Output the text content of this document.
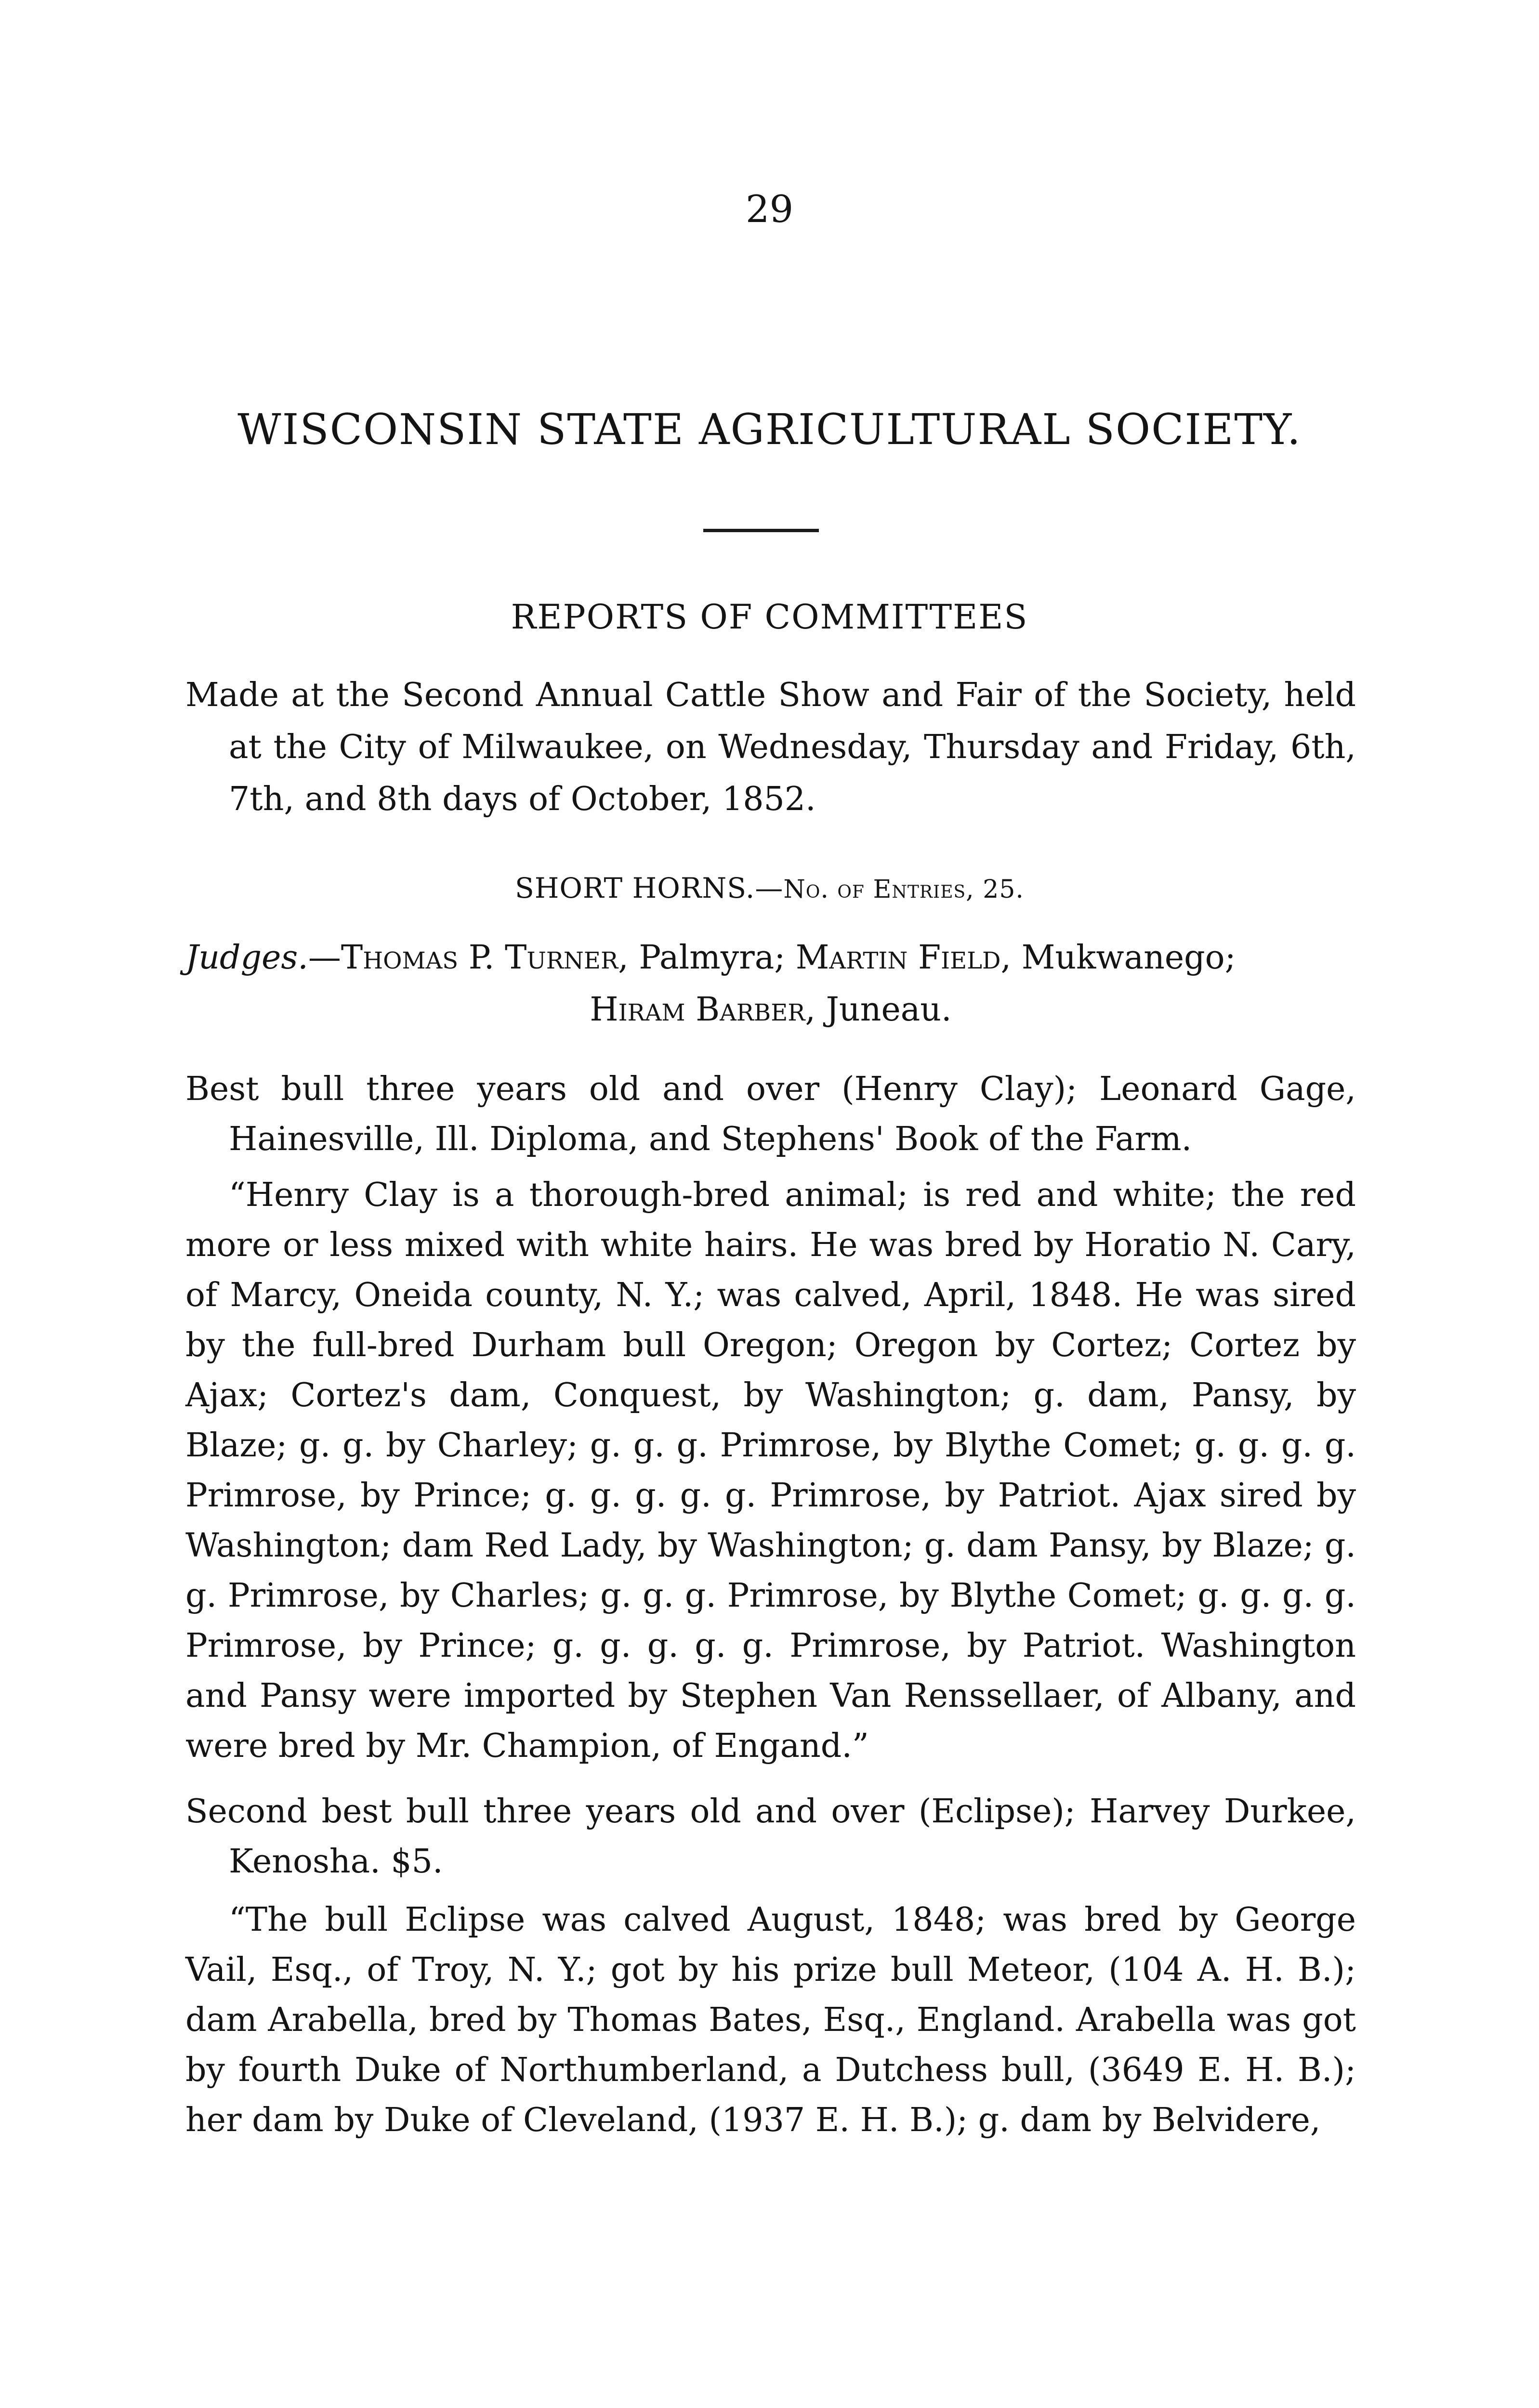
29
WISCONSIN STATE AGRICULTURAL SOCIETY.
REPORTS OF COMMITTEES
Made at the Second Annual Cattle Show and Fair of the Society, held at the City of Milwaukee, on Wednesday, Thursday and Friday, 6th, 7th, and 8th days of October, 1852.
SHORT HORNS.—No. of Entries, 25.
Judges.—Thomas P. Turner, Palmyra; Martin Field, Mukwanego;
Hiram Barber, Juneau.
Best bull three years old and over (Henry Clay); Leonard Gage, Hainesville, Ill. Diploma, and Stephens' Book of the Farm.
“Henry Clay is a thorough-bred animal; is red and white; the red more or less mixed with white hairs. He was bred by Horatio N. Cary, of Marcy, Oneida county, N. Y.; was calved, April, 1848. He was sired by the full-bred Durham bull Oregon; Oregon by Cortez; Cortez by Ajax; Cortez's dam, Conquest, by Washington; g. dam, Pansy, by Blaze; g. g. by Charley; g. g. g. Primrose, by Blythe Comet; g. g. g. g. Primrose, by Prince; g. g. g. g. g. Primrose, by Patriot. Ajax sired by Washington; dam Red Lady, by Washington; g. dam Pansy, by Blaze; g. g. Primrose, by Charles; g. g. g. Primrose, by Blythe Comet; g. g. g. g. Primrose, by Prince; g. g. g. g. g. Primrose, by Patriot. Washington and Pansy were imported by Stephen Van Renssellaer, of Albany, and were bred by Mr. Champion, of Engand.”
Second best bull three years old and over (Eclipse); Harvey Durkee, Kenosha. $5.
“The bull Eclipse was calved August, 1848; was bred by George Vail, Esq., of Troy, N. Y.; got by his prize bull Meteor, (104 A. H. B.); dam Arabella, bred by Thomas Bates, Esq., England. Arabella was got by fourth Duke of Northumberland, a Dutchess bull, (3649 E. H. B.); her dam by Duke of Cleveland, (1937 E. H. B.); g. dam by Belvidere,
